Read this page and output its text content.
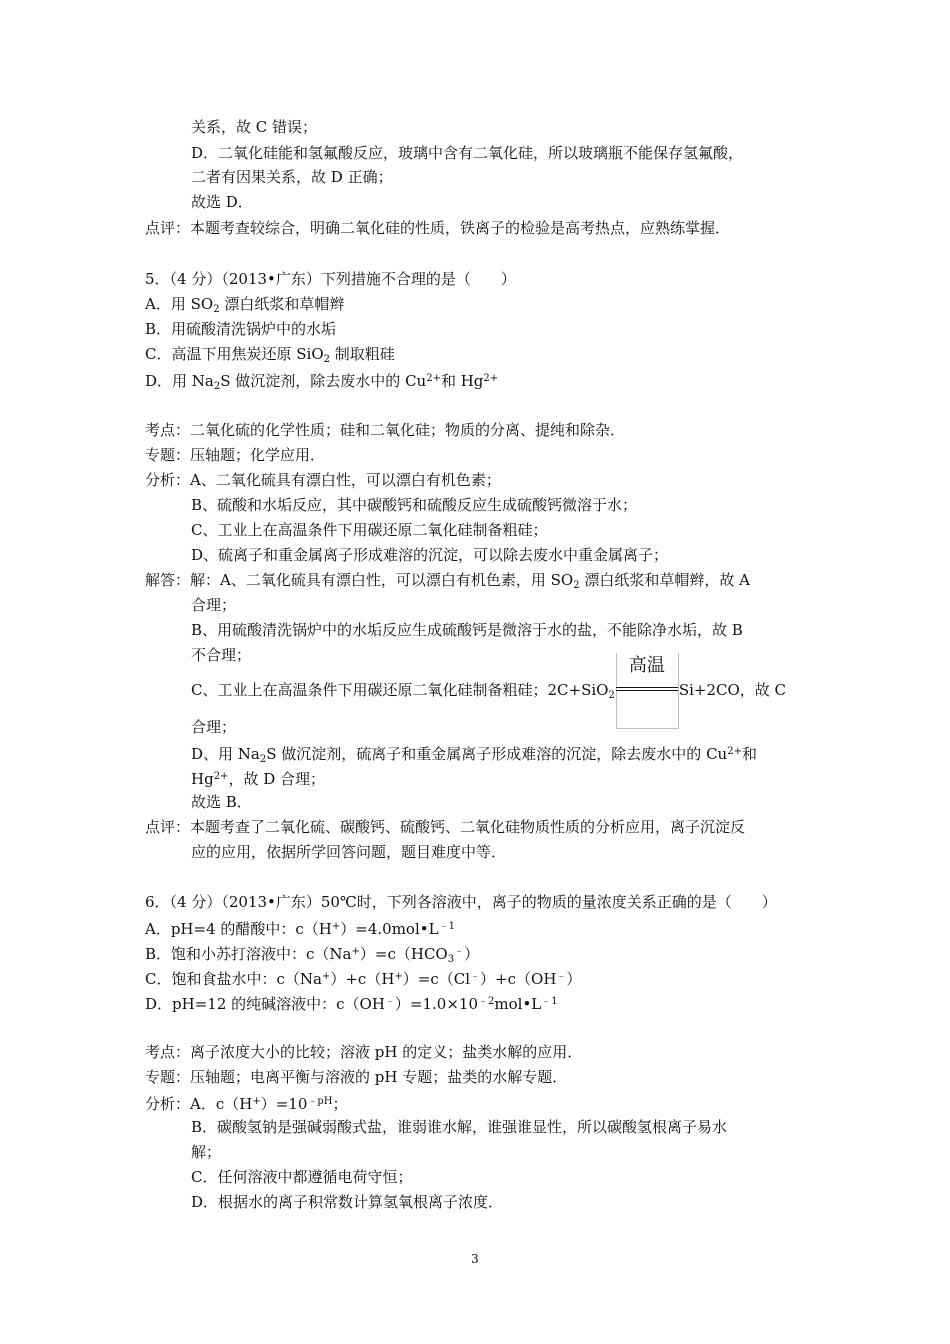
关系，故 C 错误；
D．二氧化硅能和氢氟酸反应，玻璃中含有二氧化硅，所以玻璃瓶不能保存氢氟酸，
二者有因果关系，故 D 正确；
故选 D．
点评：本题考查较综合，明确二氧化硅的性质，铁离子的检验是高考热点，应熟练掌握．
5．（4 分）（2013•广东）下列措施不合理的是（　　）
A．用 $SO_2$ 漂白纸浆和草帽辫
B．用硫酸清洗锅炉中的水垢
C．高温下用焦炭还原 SiO$_2$ 制取粗硅
D．用 $Na_2S$ 做沉淀剂，除去废水中的 $Cu^{2+}$和 $Hg^{2+}$
考点：二氧化硫的化学性质；硅和二氧化硅；物质的分离、提纯和除杂．
专题：压轴题；化学应用．
分析：A、二氧化硫具有漂白性，可以漂白有机色素；
B、硫酸和水垢反应，其中碳酸钙和硫酸反应生成硫酸钙微溶于水；
C、工业上在高温条件下用碳还原二氧化硅制备粗硅；
D、硫离子和重金属离子形成难溶的沉淀，可以除去废水中重金属离子；
解答：解：A、二氧化硫具有漂白性，可以漂白有机色素，用 $SO_2$ 漂白纸浆和草帽辫，故 A
合理；
B、用硫酸清洗锅炉中的水垢反应生成硫酸钙是微溶于水的盐，不能除净水垢，故 B
不合理；
C、工业上在高温条件下用碳还原二氧化硅制备粗硅；2C+SiO$_2$
高温
Si+2CO，故 C
合理；
D、用 $Na_2S$ 做沉淀剂，硫离子和重金属离子形成难溶的沉淀，除去废水中的 $Cu^{2+}$和
$Hg^{2+}$，故 D 合理；
故选 B．
点评：本题考查了二氧化硫、碳酸钙、硫酸钙、二氧化硅物质性质的分析应用，离子沉淀反
应的应用，依据所学回答问题，题目难度中等．
6．（4 分）（2013•广东）50℃时，下列各溶液中，离子的物质的量浓度关系正确的是（　　）
A．pH=4 的醋酸中：$c(H^+)=4.0mol•L^{﹣1}$
B．饱和小苏打溶液中：$c(Na^+)=c(HCO_3^﹣)$
C．饱和食盐水中：c（Na+）+c（H+）=c（Cl﹣）+c（OH﹣）
D．pH=12 的纯碱溶液中：$c(OH^﹣)=1.0\times 10^{﹣2}mol•L^{﹣1}$
考点：离子浓度大小的比较；溶液 pH 的定义；盐类水解的应用．
专题：压轴题；电离平衡与溶液的 pH 专题；盐类的水解专题．
分析：A．$c(H^+)=10^{﹣pH}$；
B．碳酸氢钠是强碱弱酸式盐，谁弱谁水解，谁强谁显性，所以碳酸氢根离子易水
解；
C．任何溶液中都遵循电荷守恒；
D．根据水的离子积常数计算氢氧根离子浓度．
3
